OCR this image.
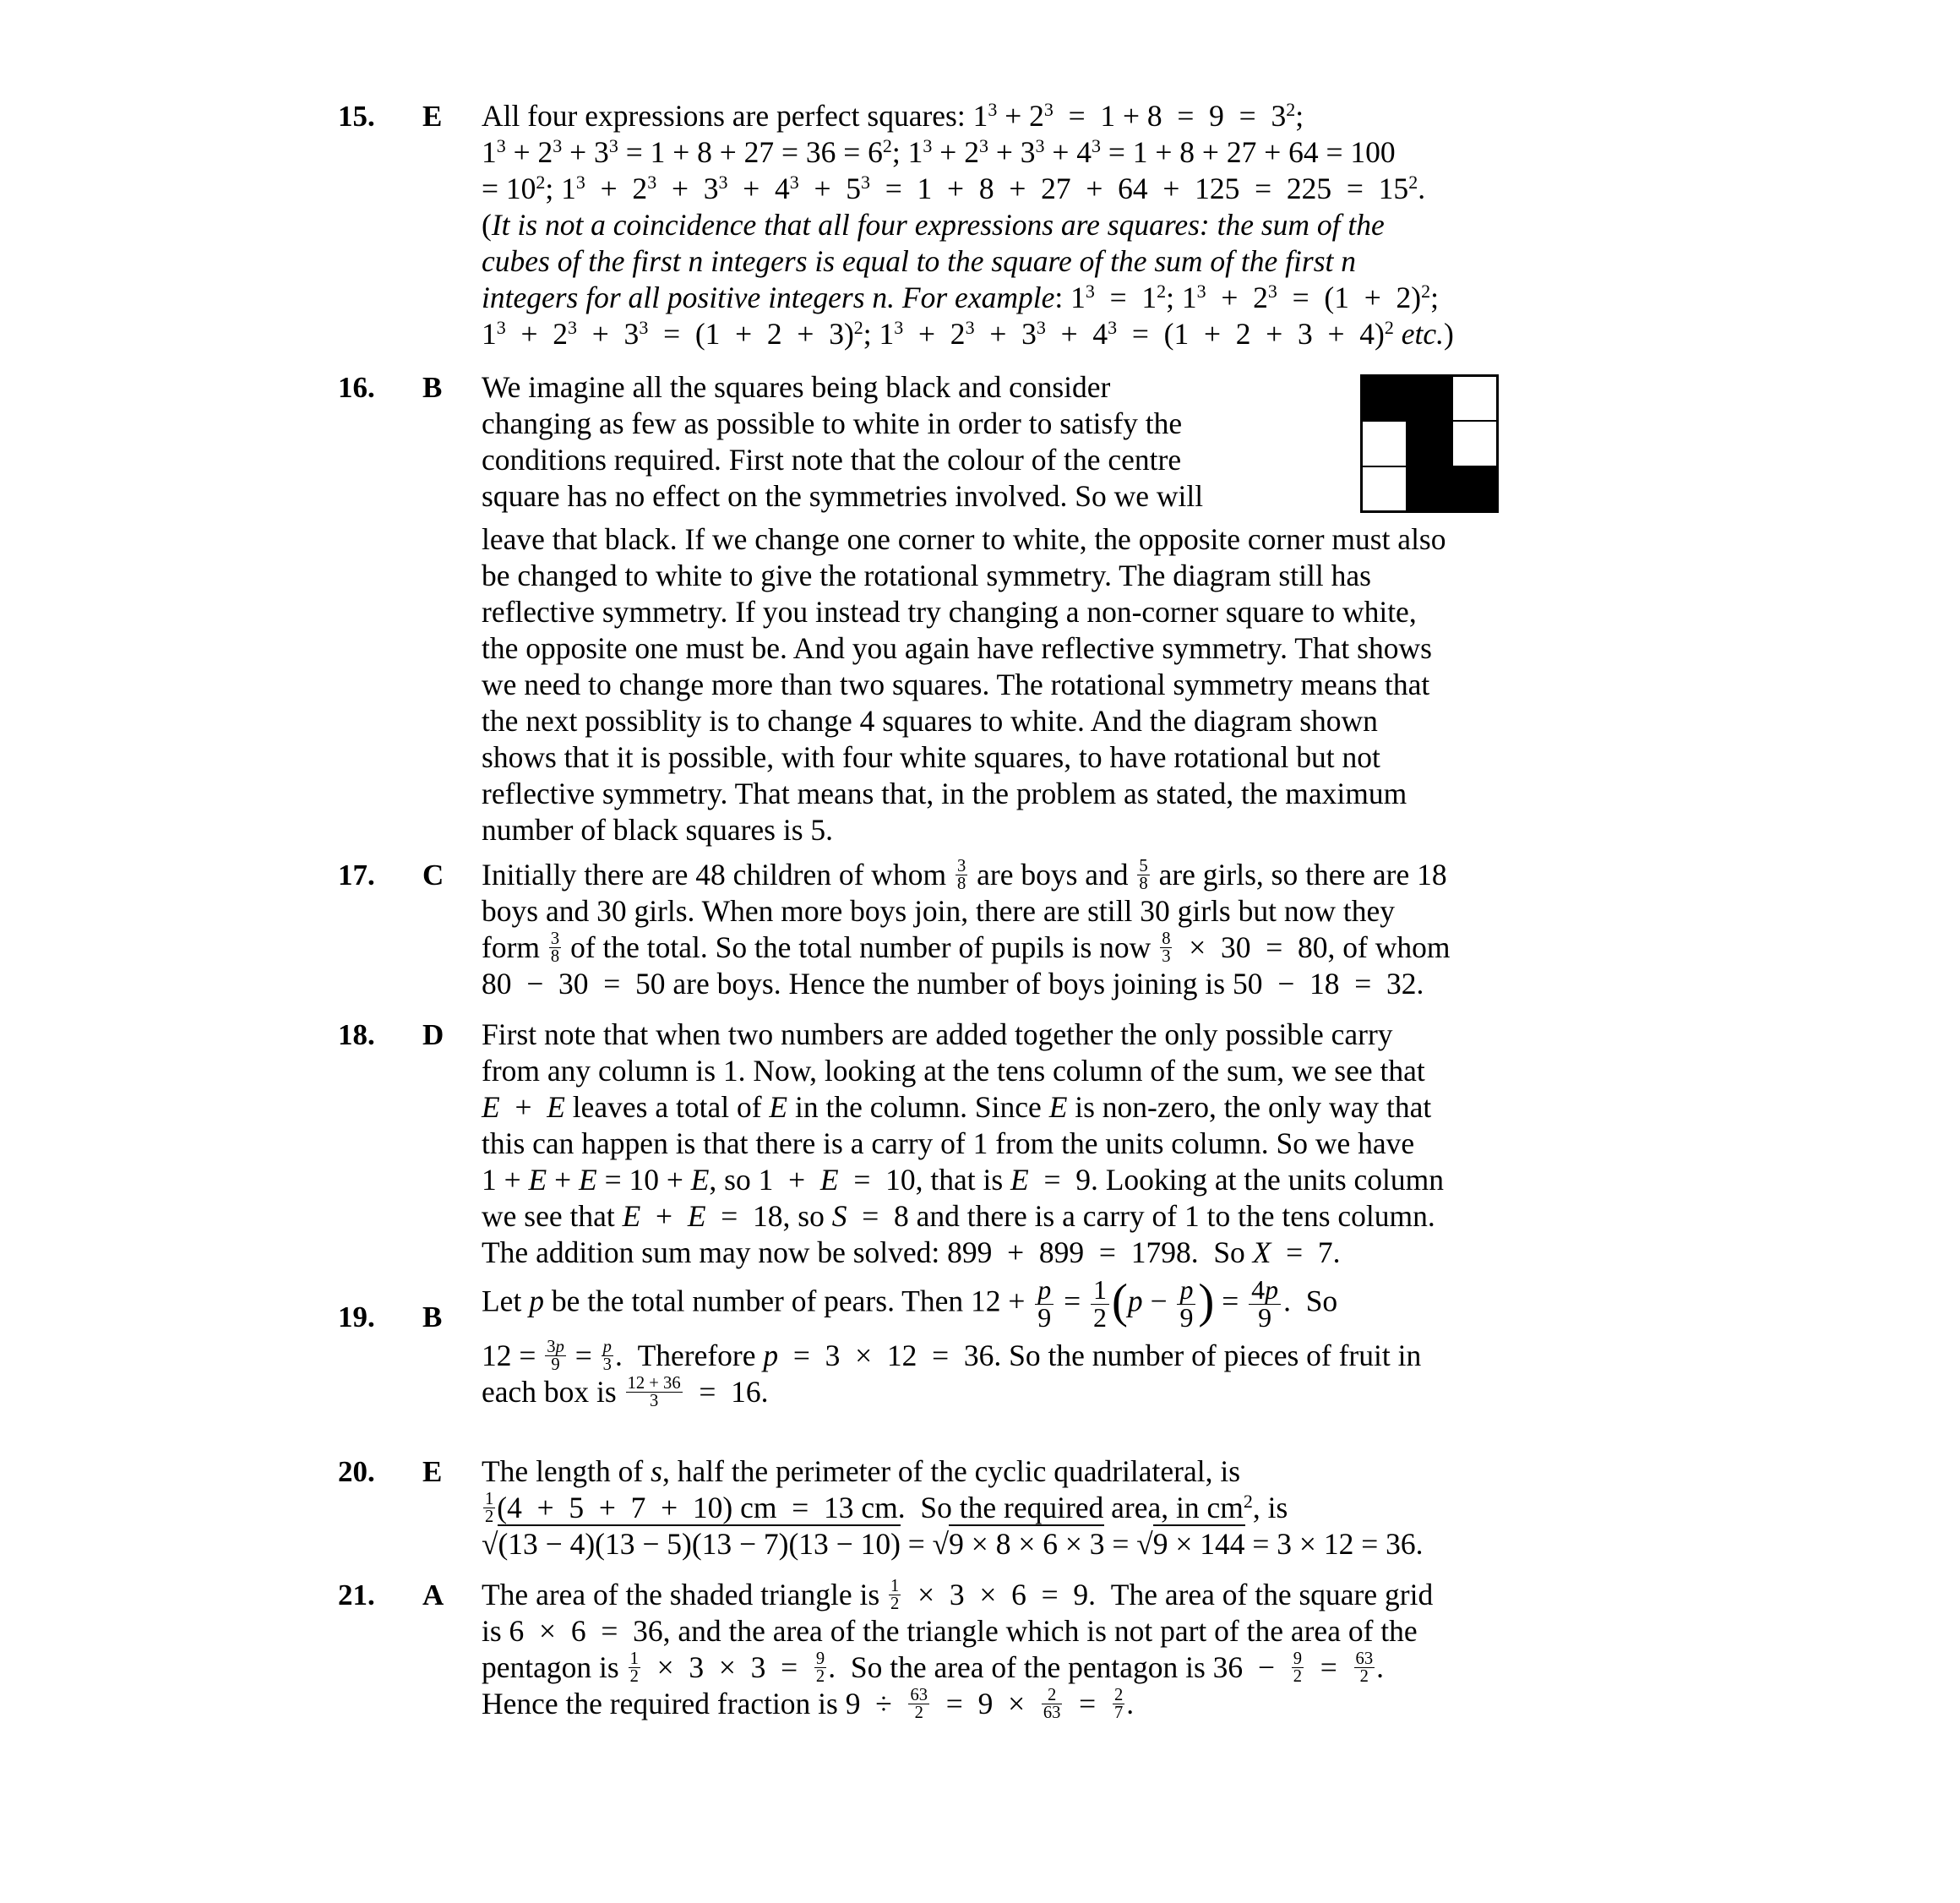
15. E All four expressions are perfect squares: $1^3 + 2^3 = 1 + 8 = 9 = 3^2$;
$1^3 + 2^3 + 3^3 = 1 + 8 + 27 = 36 = 6^2$; $1^3 + 2^3 + 3^3 + 4^3 = 1 + 8 + 27 + 64 = 100$
= $10^2$; $1^3 + 2^3 + 3^3 + 4^3 + 5^3 = 1 + 8 + 27 + 64 + 125 = 225 = 15^2$.
(It is not a coincidence that all four expressions are squares: the sum of the
cubes of the first n integers is equal to the square of the sum of the first n
integers for all positive integers n. For example: $1^3 = 1^2$; $1^3 + 2^3 = (1 + 2)^2$;
$1^3 + 2^3 + 3^3 = (1 + 2 + 3)^2$; $1^3 + 2^3 + 3^3 + 4^3 = (1 + 2 + 3 + 4)^2$ etc.)
16. B We imagine all the squares being black and consider
changing as few as possible to white in order to satisfy the
conditions required. First note that the colour of the centre
square has no effect on the symmetries involved. So we will
leave that black. If we change one corner to white, the opposite corner must also
be changed to white to give the rotational symmetry. The diagram still has
reflective symmetry. If you instead try changing a non-corner square to white,
the opposite one must be. And you again have reflective symmetry. That shows
we need to change more than two squares. The rotational symmetry means that
the next possiblity is to change 4 squares to white. And the diagram shown
shows that it is possible, with four white squares, to have rotational but not
reflective symmetry. That means that, in the problem as stated, the maximum
number of black squares is 5.
17. C Initially there are 48 children of whom $\frac{3}{8}$ are boys and $\frac{5}{8}$ are girls, so there are 18
boys and 30 girls. When more boys join, there are still 30 girls but now they
form $\frac{3}{8}$ of the total. So the total number of pupils is now $\frac{8}{3} \times 30 = 80$, of whom
80  −  30  =  50 are boys. Hence the number of boys joining is 50  −  18  =  32.
18. D First note that when two numbers are added together the only possible carry
from any column is 1. Now, looking at the tens column of the sum, we see that
E  +  E leaves a total of E in the column. Since E is non-zero, the only way that
this can happen is that there is a carry of 1 from the units column. So we have
1 + E + E = 10 + E, so 1  +  E  =  10, that is E  =  9. Looking at the units column
we see that E  +  E  =  18, so S  =  8 and there is a carry of 1 to the tens column.
The addition sum may now be solved: 899  +  899  =  1798.  So X  =  7.
19. B Let p be the total number of pears. Then $12 + \frac{p}{9} = \frac{1}{2} (p - \frac{p}{9}$ ) = $\frac{4p}{9}$ .  So
$12 = \frac{3p}{9} = \frac{p}{3}$ .  Therefore p  =  3  ×  12  =  36. So the number of pieces of fruit in
each box is $\frac{12 + 36}{3} = 16$.
20. E The length of s, half the perimeter of the cyclic quadrilateral, is
$\frac{1}{2} (4 + 5 + 7 + 10)$ cm  =  13 cm.  So the required area, in $cm^2$, is
√(13 − 4)(13 − 5)(13 − 7)(13 − 10) = √9 × 8 × 6 × 3 = √9 × 144 = 3 × 12 = 36.
21. A The area of the shaded triangle is $\frac{1}{2} \times 3 \times 6 = 9$.  The area of the square grid
is 6  ×  6  =  36, and the area of the triangle which is not part of the area of the
pentagon is $\frac{1}{2} \times 3 \times 3 = \frac{9}{2}$ .  So the area of the pentagon is $36 - \frac{9}{2} = \frac{63}{2}$ .
Hence the required fraction is $9 \div \frac{63}{2} = 9 \times \frac{2}{63} = \frac{2}{7}$ .
